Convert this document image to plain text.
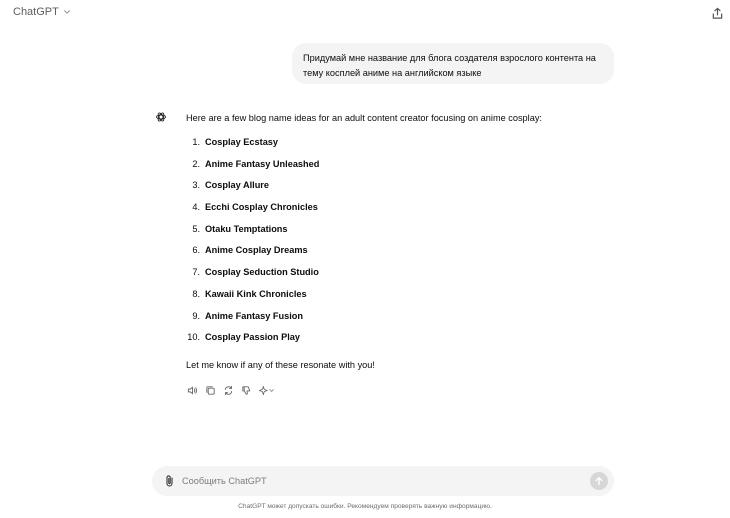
ChatGPT
Придумай мне название для блога создателя взрослого контента на тему косплей аниме на английском языке

Here are a few blog name ideas for an adult content creator focusing on anime cosplay:

1. Cosplay Ecstasy
2. Anime Fantasy Unleashed
3. Cosplay Allure
4. Ecchi Cosplay Chronicles
5. Otaku Temptations
6. Anime Cosplay Dreams
7. Cosplay Seduction Studio
8. Kawaii Kink Chronicles
9. Anime Fantasy Fusion
10. Cosplay Passion Play

Let me know if any of these resonate with you!

Сообщить ChatGPT
ChatGPT может допускать ошибки. Рекомендуем проверять важную информацию.
